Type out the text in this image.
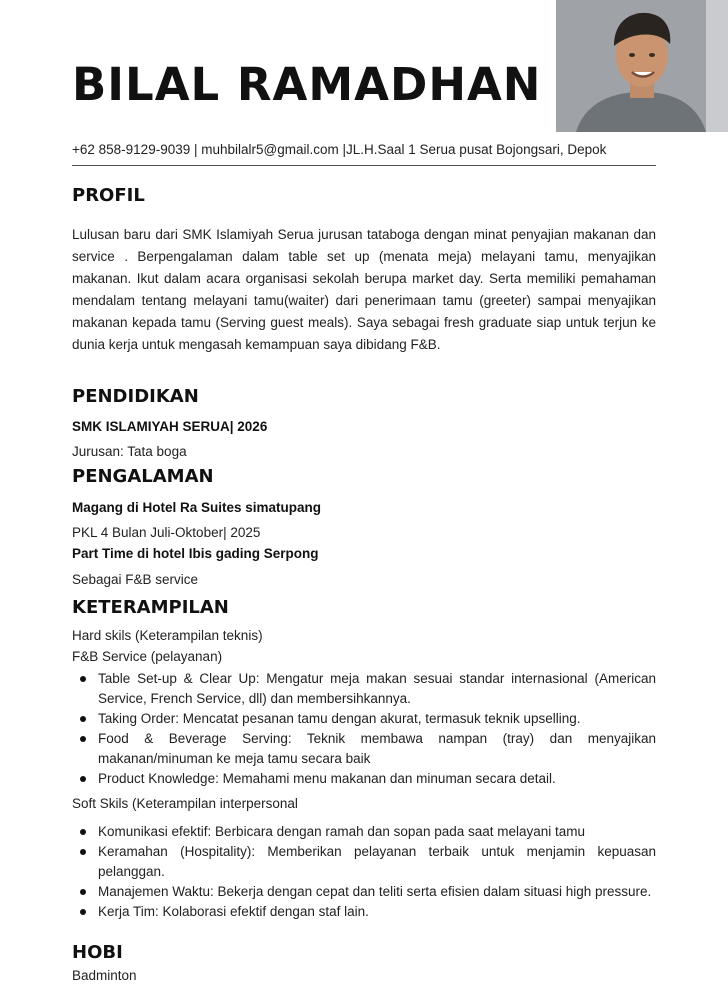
BILAL RAMADHAN
+62 858-9129-9039 | muhbilalr5@gmail.com |JL.H.Saal 1 Serua pusat Bojongsari, Depok
PROFIL

Lulusan baru dari SMK Islamiyah Serua jurusan tataboga dengan minat penyajian makanan dan service . Berpengalaman dalam table set up (menata meja) melayani tamu, menyajikan makanan. Ikut dalam acara organisasi sekolah berupa market day. Serta memiliki pemahaman mendalam tentang melayani tamu(waiter) dari penerimaan tamu (greeter) sampai menyajikan makanan kepada tamu (Serving guest meals). Saya sebagai fresh graduate siap untuk terjun ke dunia kerja untuk mengasah kemampuan saya dibidang F&B.

PENDIDIKAN
SMK ISLAMIYAH SERUA| 2026
Jurusan: Tata boga
PENGALAMAN
Magang di Hotel Ra Suites simatupang
PKL 4 Bulan Juli-Oktober| 2025
Part Time di hotel Ibis gading Serpong
Sebagai F&B service
KETERAMPILAN
Hard skils (Keterampilan teknis)
F&B Service (pelayanan)
Table Set-up & Clear Up: Mengatur meja makan sesuai standar internasional (American Service, French Service, dll) dan membersihkannya.
Taking Order: Mencatat pesanan tamu dengan akurat, termasuk teknik upselling.
Food & Beverage Serving: Teknik membawa nampan (tray) dan menyajikan makanan/minuman ke meja tamu secara baik
Product Knowledge: Memahami menu makanan dan minuman secara detail.
Soft Skils (Keterampilan interpersonal
Komunikasi efektif: Berbicara dengan ramah dan sopan pada saat melayani tamu
Keramahan (Hospitality): Memberikan pelayanan terbaik untuk menjamin kepuasan pelanggan.
Manajemen Waktu: Bekerja dengan cepat dan teliti serta efisien dalam situasi high pressure.
Kerja Tim: Kolaborasi efektif dengan staf lain.
HOBI
Badminton
